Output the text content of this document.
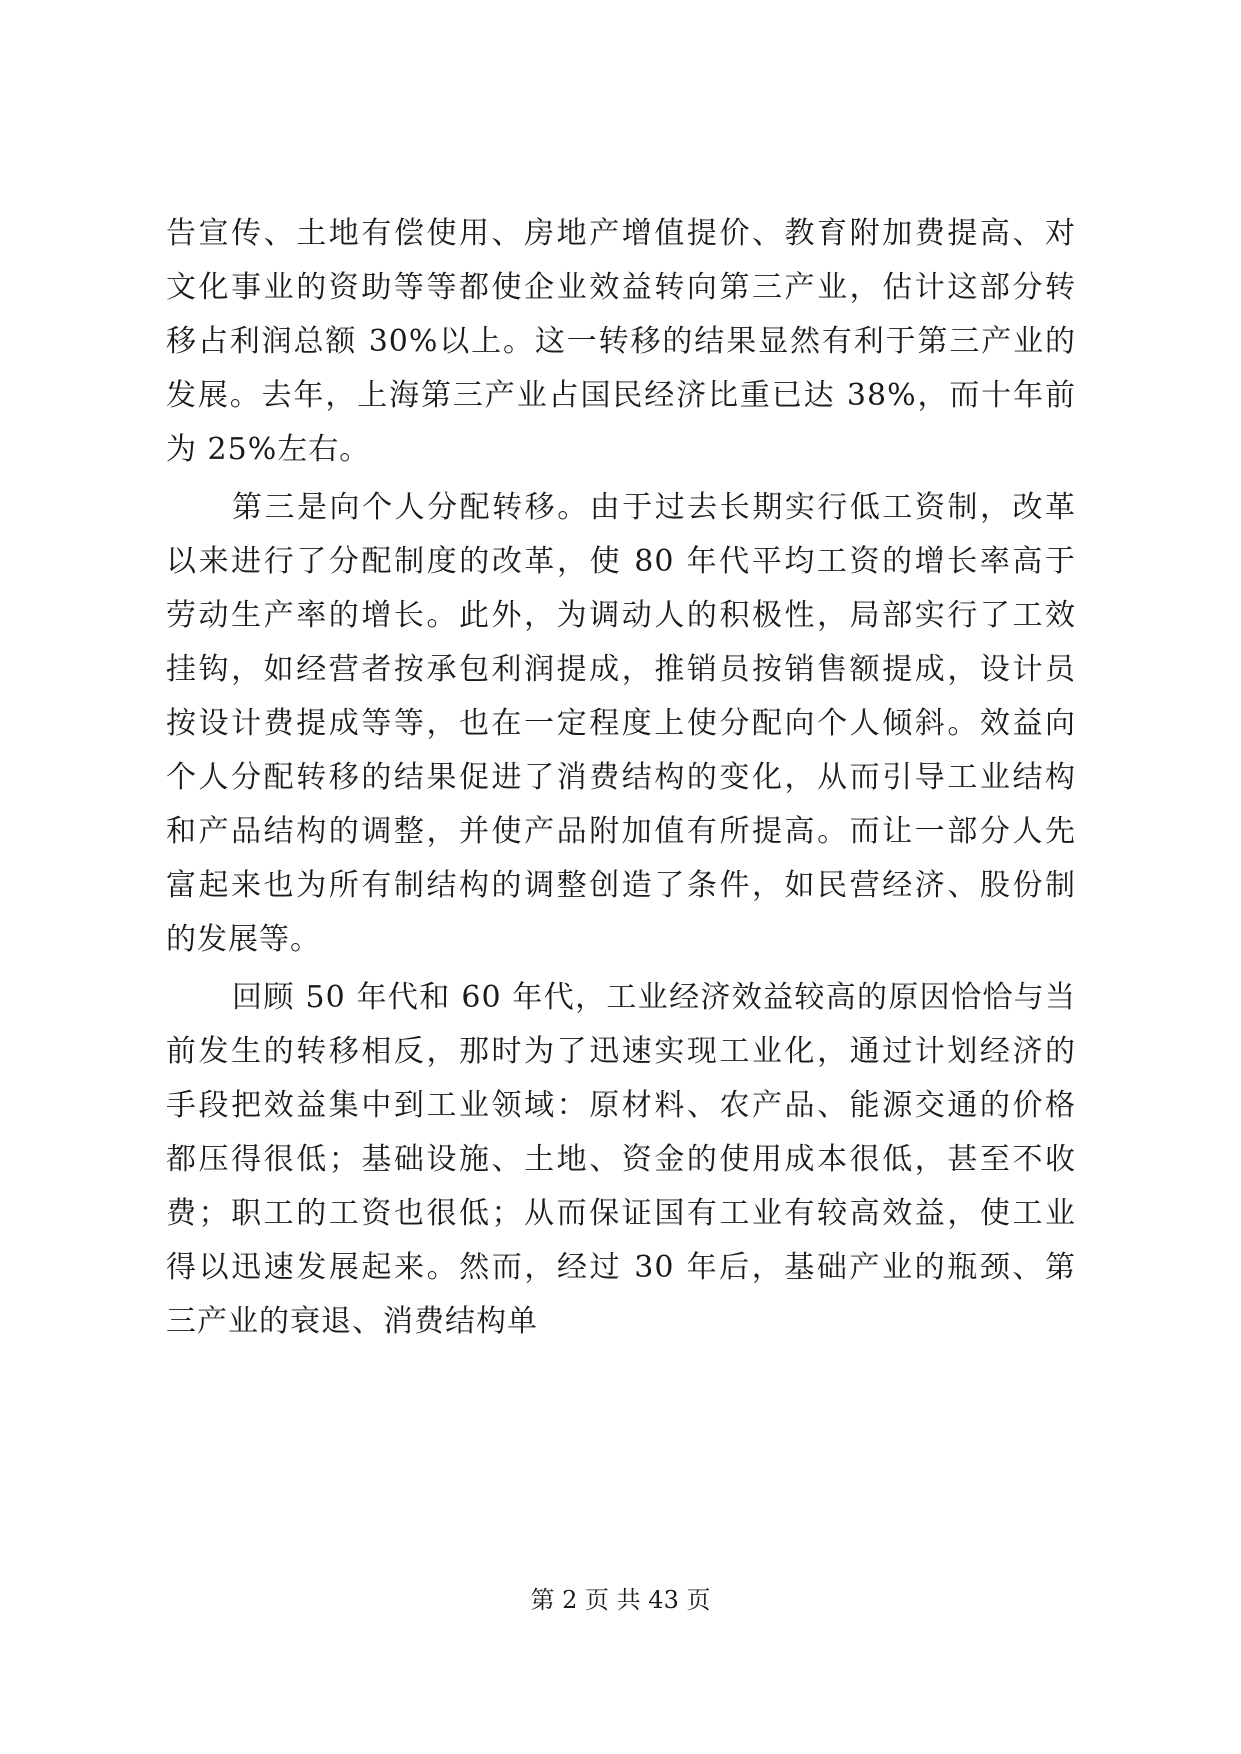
告宣传、土地有偿使用、房地产增值提价、教育附加费提高、对
文化事业的资助等等都使企业效益转向第三产业，估计这部分转
移占利润总额 30%以上。这一转移的结果显然有利于第三产业的
发展。去年，上海第三产业占国民经济比重已达 38%，而十年前
为 25%左右。
第三是向个人分配转移。由于过去长期实行低工资制，改革
以来进行了分配制度的改革，使 80 年代平均工资的增长率高于
劳动生产率的增长。此外，为调动人的积极性，局部实行了工效
挂钩，如经营者按承包利润提成，推销员按销售额提成，设计员
按设计费提成等等，也在一定程度上使分配向个人倾斜。效益向
个人分配转移的结果促进了消费结构的变化，从而引导工业结构
和产品结构的调整，并使产品附加值有所提高。而让一部分人先
富起来也为所有制结构的调整创造了条件，如民营经济、股份制
的发展等。
回顾 50 年代和 60 年代，工业经济效益较高的原因恰恰与当
前发生的转移相反，那时为了迅速实现工业化，通过计划经济的
手段把效益集中到工业领域：原材料、农产品、能源交通的价格
都压得很低；基础设施、土地、资金的使用成本很低，甚至不收
费；职工的工资也很低；从而保证国有工业有较高效益，使工业
得以迅速发展起来。然而，经过 30 年后，基础产业的瓶颈、第
三产业的衰退、消费结构单
第 2 页 共 43 页
